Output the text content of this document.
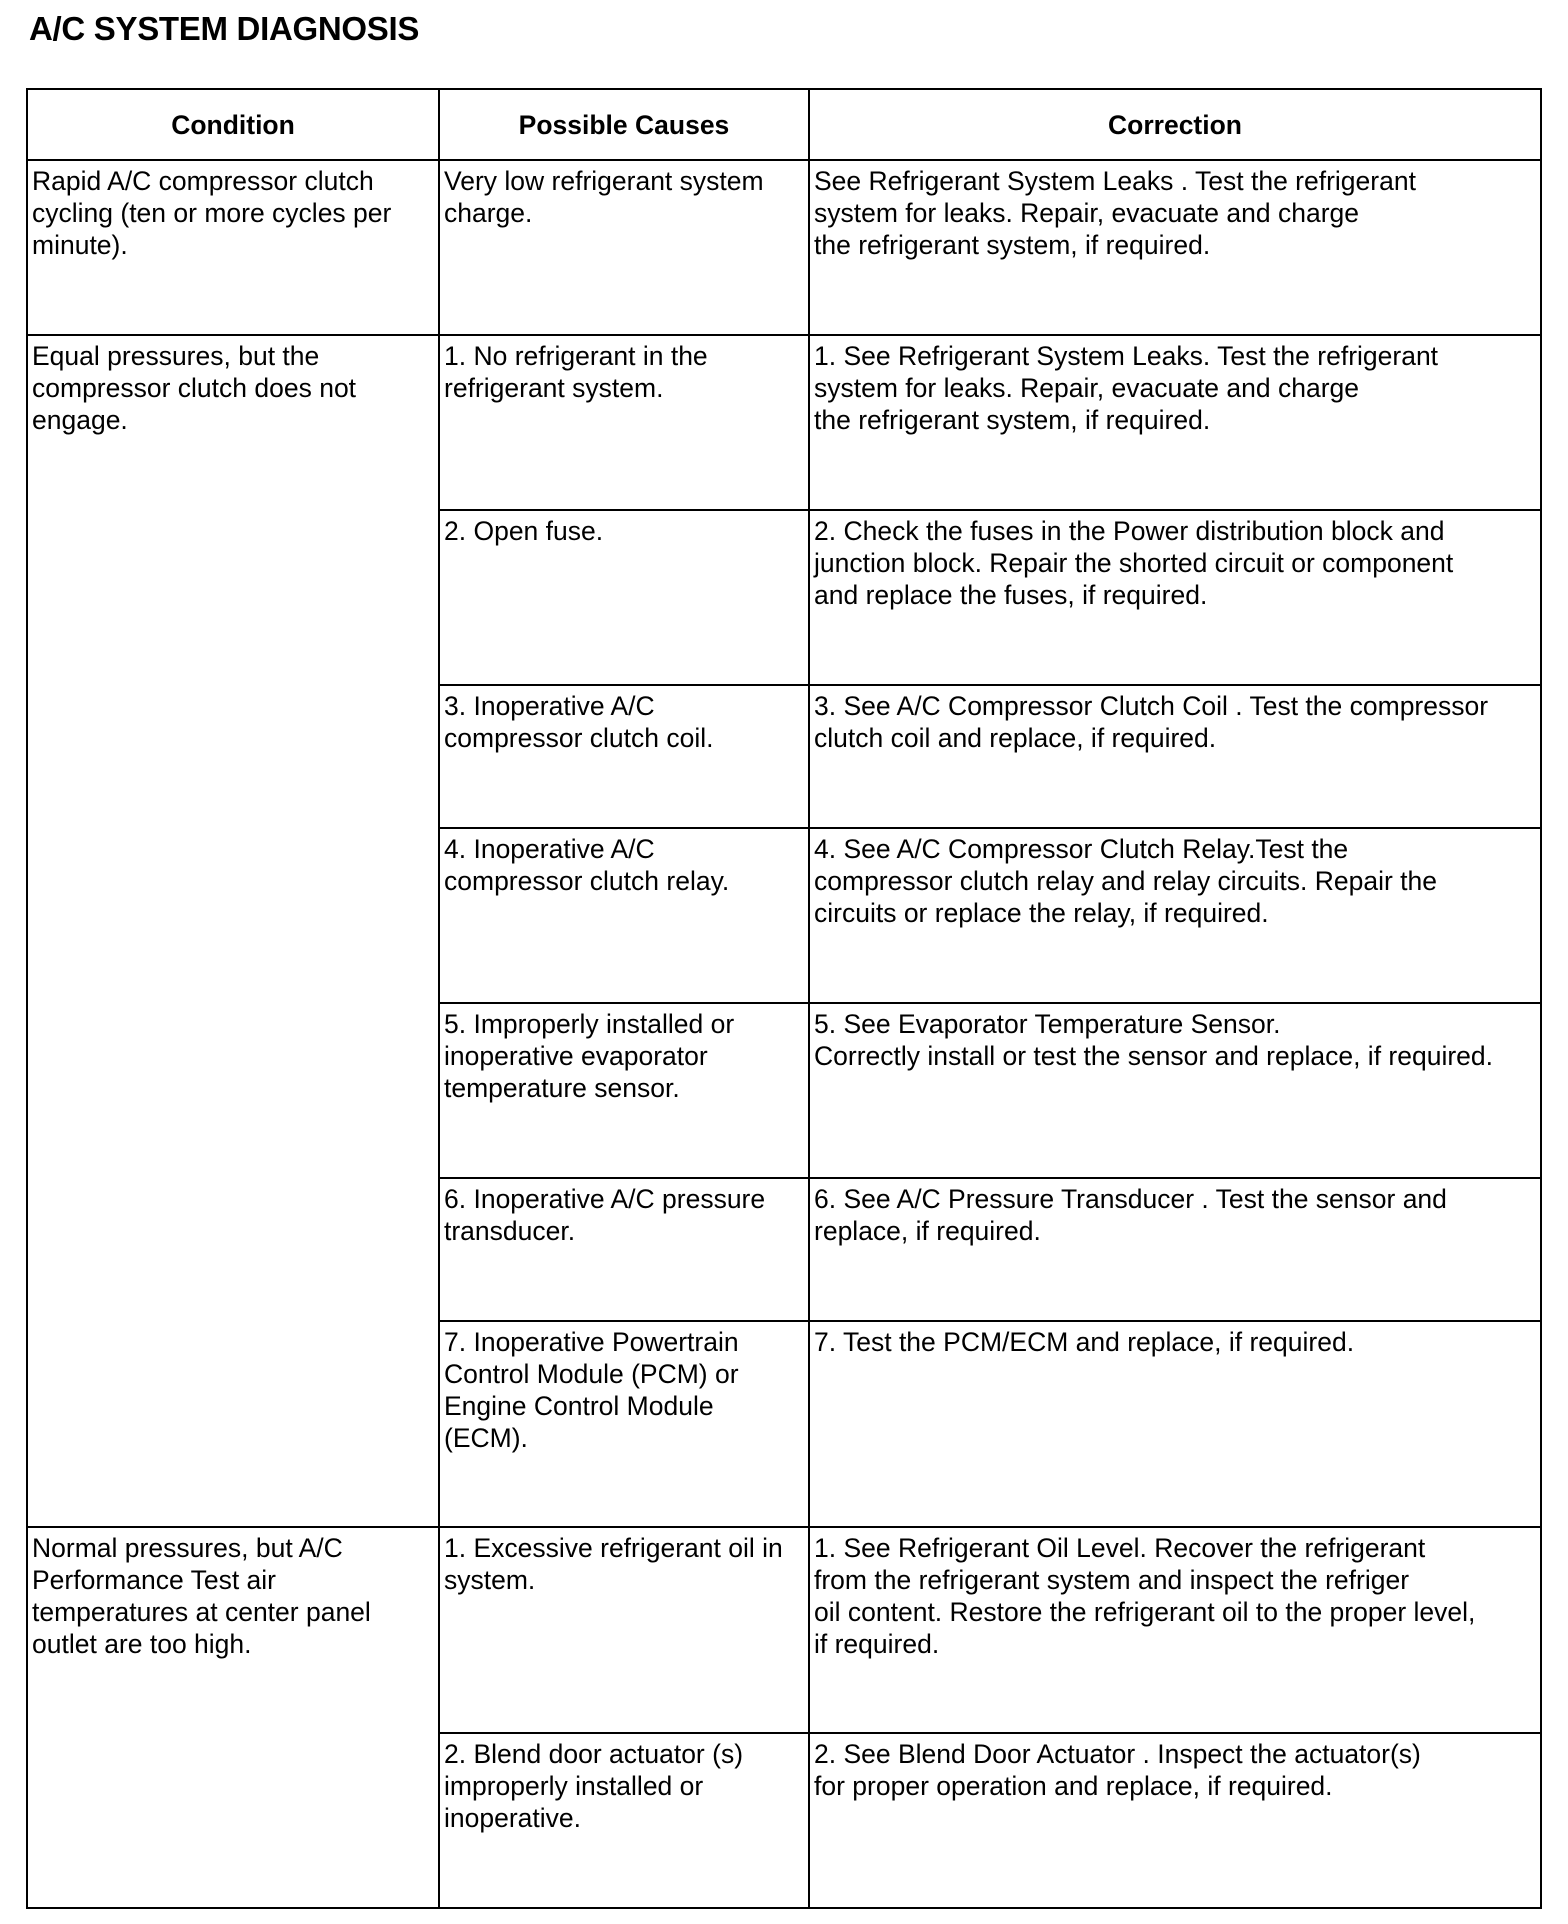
A/C SYSTEM DIAGNOSIS
Condition	Possible Causes	Correction
Rapid A/C compressor clutch
cycling (ten or more cycles per
minute).	Very low refrigerant system
charge.	See Refrigerant System Leaks . Test the refrigerant
system for leaks. Repair, evacuate and charge
the refrigerant system, if required.
Equal pressures, but the
compressor clutch does not
engage.	1. No refrigerant in the
refrigerant system.	1. See Refrigerant System Leaks. Test the refrigerant
system for leaks. Repair, evacuate and charge
the refrigerant system, if required.
	2. Open fuse.	2. Check the fuses in the Power distribution block and
junction block. Repair the shorted circuit or component
and replace the fuses, if required.
	3. Inoperative A/C
compressor clutch coil.	3. See A/C Compressor Clutch Coil . Test the compressor
clutch coil and replace, if required.
	4. Inoperative A/C
compressor clutch relay.	4. See A/C Compressor Clutch Relay.Test the
compressor clutch relay and relay circuits. Repair the
circuits or replace the relay, if required.
	5. Improperly installed or
inoperative evaporator
temperature sensor.	5. See Evaporator Temperature Sensor.
Correctly install or test the sensor and replace, if required.
	6. Inoperative A/C pressure
transducer.	6. See A/C Pressure Transducer . Test the sensor and
replace, if required.
	7. Inoperative Powertrain
Control Module (PCM) or
Engine Control Module
(ECM).	7. Test the PCM/ECM and replace, if required.
Normal pressures, but A/C
Performance Test air
temperatures at center panel
outlet are too high.	1. Excessive refrigerant oil in
system.	1. See Refrigerant Oil Level. Recover the refrigerant
from the refrigerant system and inspect the refriger
oil content. Restore the refrigerant oil to the proper level,
if required.
	2. Blend door actuator (s)
improperly installed or
inoperative.	2. See Blend Door Actuator . Inspect the actuator(s)
for proper operation and replace, if required.
